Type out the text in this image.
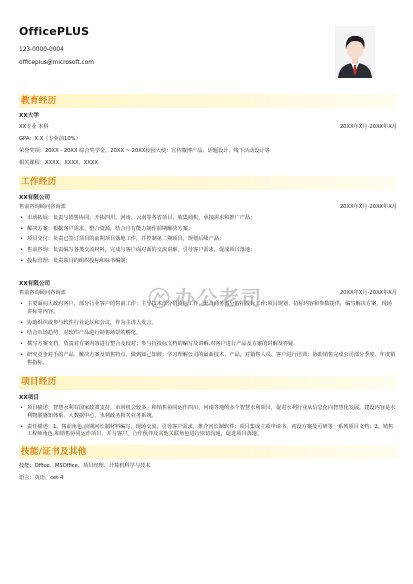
OfficePLUS
123-0000-0004
officeplus@microsoft.com
教育经历
XX大学
XX专业 本科	20XX年X月-20XX年X月
GPA：X.X（专业前10%）
荣誉奖项：20XX - 20XX 综合奖学金、20XX ~ 20XX校园大使：宣传微博产品、话题设计、线下活动设计等
相关课程：XXXX、XXXX、XXXX
工作经历
XX有限公司
售前咨询顾问咨询部	20XX年X月-20XX年X月
• 市场拓展：负责与销售协同，开拓四川、河南、云南等各省项目，收集商机，承接需求和推广产品；
• 解决方案：根据客户需求，整合资源，结合自有能力制作前期解决方案；
• 项目交付：负责已签订项目的前期项目落地工作，并控制第二期项目，规划后续产品；
• 售前咨询：负责编写各类交流材料，完成与客户面对面的交流讲解，引导客户需求，促成项目落地；
• 投标管理：负责项目的组织投标和标书编制；
XX有限公司
售前咨询顾问咨询部	20XX年X月-20XX年X月
• 主要面向大政府客户，部分行业客户的售前工作：主导技术部分招投标工作，配合商务部分的招投标工作;项目规划、招标内容和参数提供，编写解决方案，现场讲标等内容。
• 协助组织或参与软件行业论坛和会议，作为主讲人发言。
• 结合市场趋势，对软件产品进行销售场景的孵化。
• 撰写方案文档，负责对方案内容进行整合及校对；参与招投标文档的编写及讲解,对客户进行产品及方案的讲解及答疑.
• 研究竞争对手的产品、解决方案及销售特点，做到知己知彼；学习理解公司的最新技术、产品，对销售人员、客户进行培训；协助销售完成公司部分季度、年度销售指标。
项目经历
XX项目
• 项目描述：智慧水利有国家政策支持，市场机会较多。和销售协同运作四川，河南等地的多个智慧水利项目，促进水利行业从信息化向智慧化发展。建设内容是水利物联感知体系、大数据中心、水利政务相关业务系统。
• 责任描述：1、售前角色,前期河长制材料编写，现场交流，引导客户需求，推介河长制软件；项目集成立项申请书、初设方案及可研等一系列项目文档；2、销售工程师角色,和销售协同运作项目，并与客户，合作伙伴及其他关联角色进行密切沟通，促进项目落地。
技能/证书及其他
技能：Office、MSOffice、项目经理、计算机科学与技术
语言：英语，cet-4
办公老司
